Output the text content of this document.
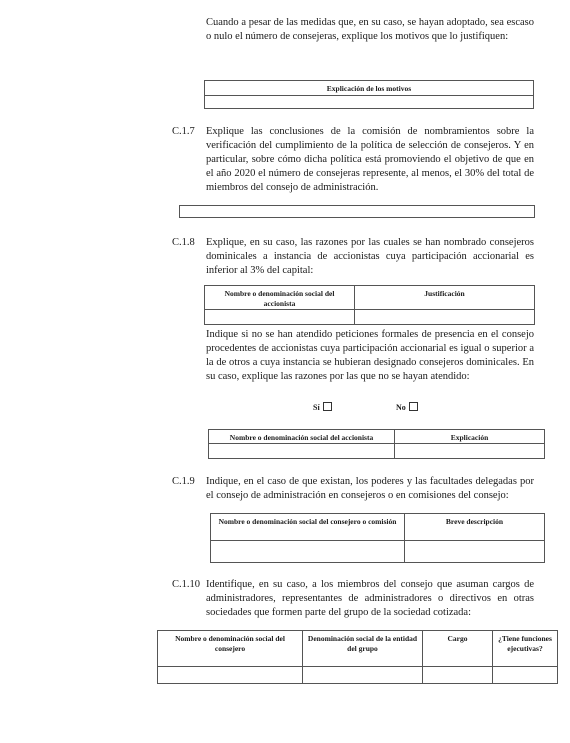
Cuando a pesar de las medidas que, en su caso, se hayan adoptado, sea escaso o nulo el número de consejeras, explique los motivos que lo justifiquen:
Explicación de los motivos

C.1.7 Explique las conclusiones de la comisión de nombramientos sobre la verificación del cumplimiento de la política de selección de consejeros. Y en particular, sobre cómo dicha política está promoviendo el objetivo de que en el año 2020 el número de consejeras represente, al menos, el 30% del total de miembros del consejo de administración.
C.1.8 Explique, en su caso, las razones por las cuales se han nombrado consejeros dominicales a instancia de accionistas cuya participación accionarial es inferior al 3% del capital:
Nombre o denominación social del accionista	Justificación

Indique si no se han atendido peticiones formales de presencia en el consejo procedentes de accionistas cuya participación accionarial es igual o superior a la de otros a cuya instancia se hubieran designado consejeros dominicales. En su caso, explique las razones por las que no se hayan atendido:
Sí	No
Nombre o denominación social del accionista	Explicación

C.1.9 Indique, en el caso de que existan, los poderes y las facultades delegadas por el consejo de administración en consejeros o en comisiones del consejo:
Nombre o denominación social del consejero o comisión	Breve descripción

C.1.10 Identifique, en su caso, a los miembros del consejo que asuman cargos de administradores, representantes de administradores o directivos en otras sociedades que formen parte del grupo de la sociedad cotizada:
Nombre o denominación social del consejero	Denominación social de la entidad del grupo	Cargo	¿Tiene funciones ejecutivas?
